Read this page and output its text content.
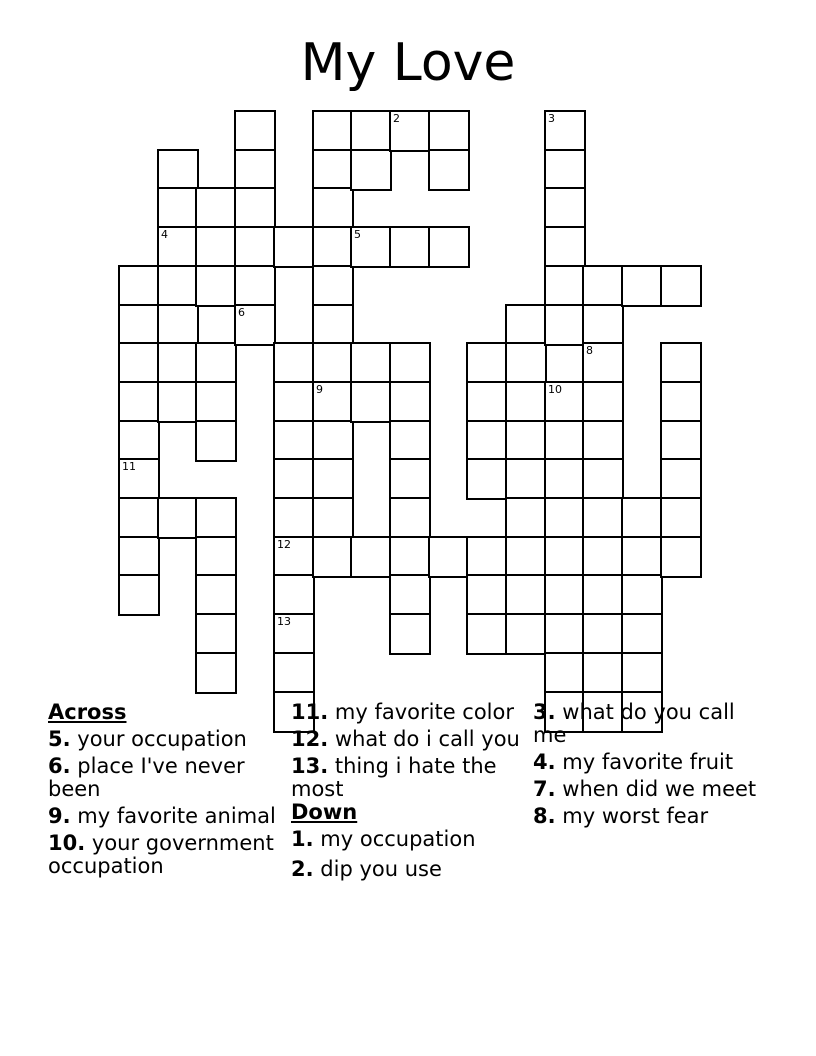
My Love
11
4
6
12
13
9
5
2	3
10
8
Across
5. your occupation
6. place I've never been
9. my favorite animal
10. your government occupation
11. my favorite color
12. what do i call you
13. thing i hate the most
Down
1. my occupation
2. dip you use
3. what do you call me
4. my favorite fruit
7. when did we meet
8. my worst fear
